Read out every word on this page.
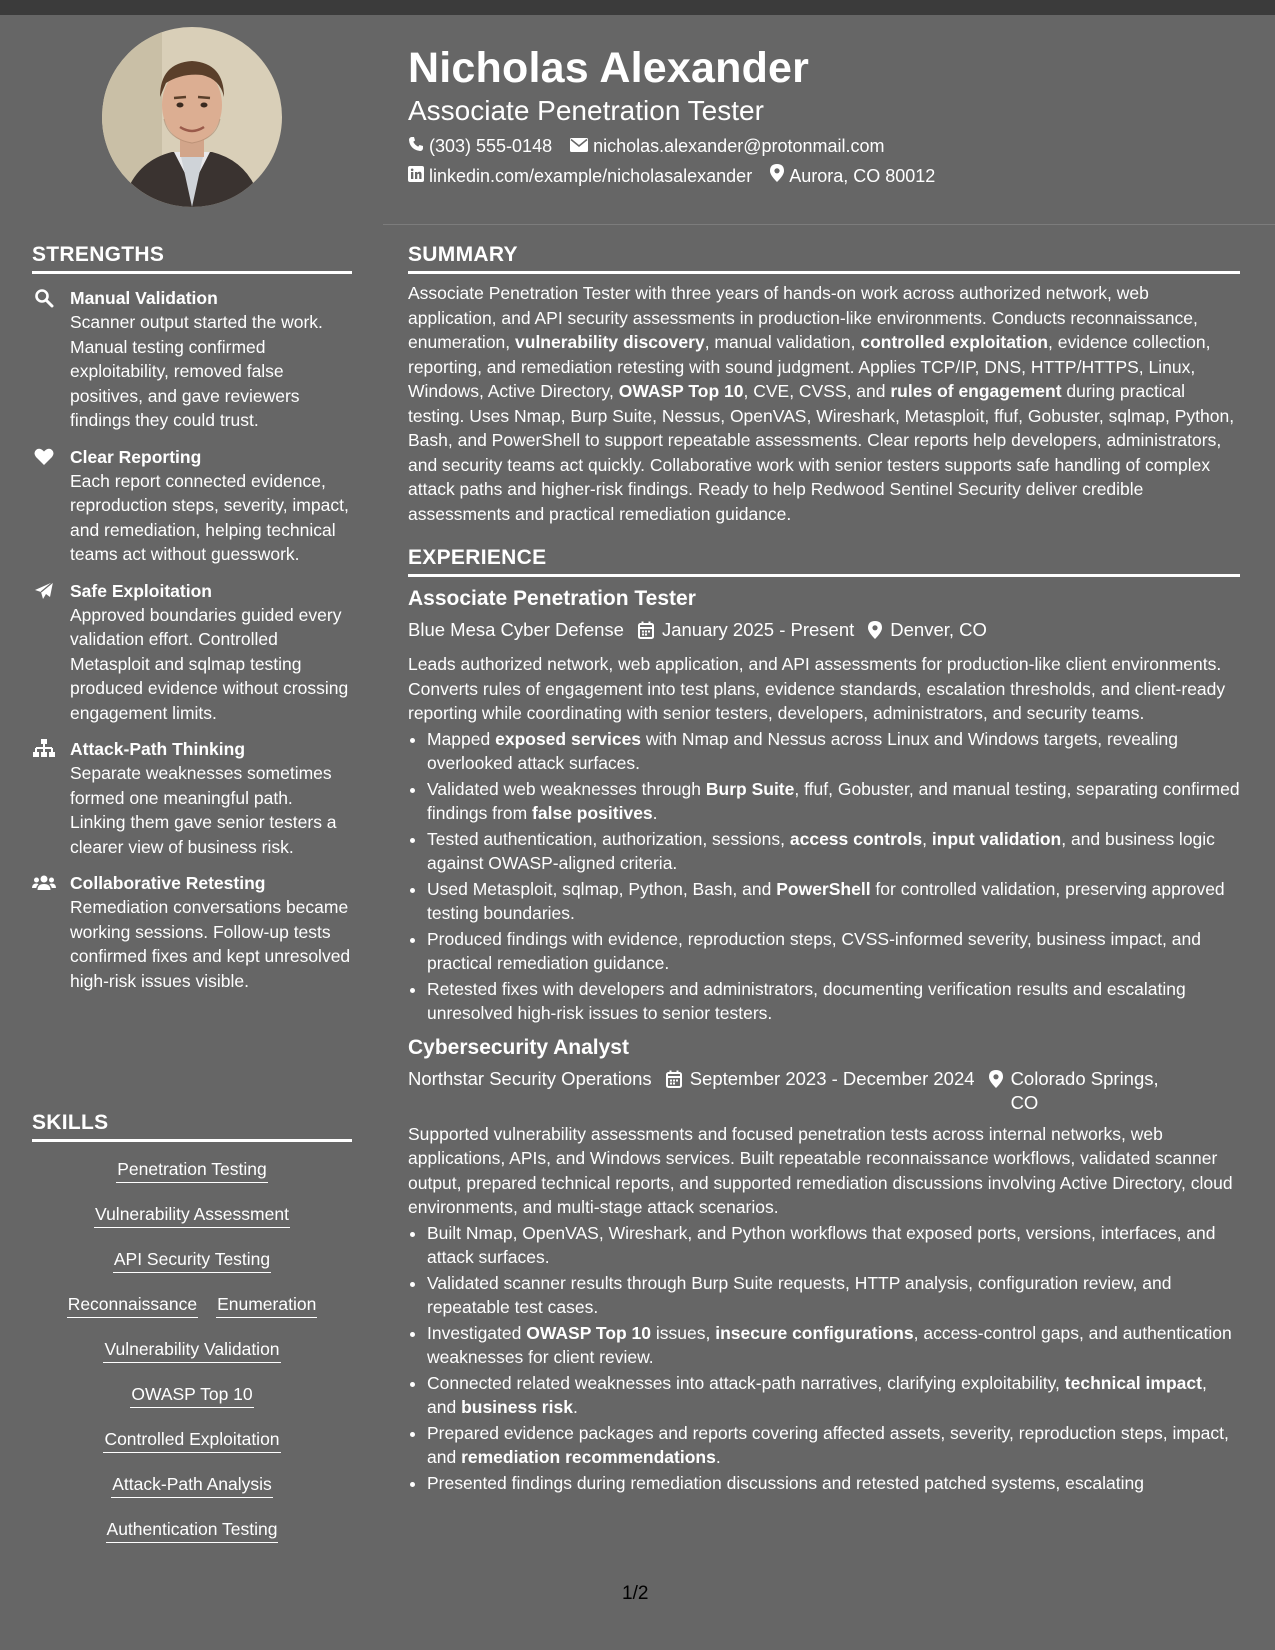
Nicholas Alexander
Associate Penetration Tester
(303) 555-0148 nicholas.alexander@protonmail.com
linkedin.com/example/nicholasalexander Aurora, CO 80012
STRENGTHS
Manual Validation
Scanner output started the work. Manual testing confirmed exploitability, removed false positives, and gave reviewers findings they could trust.
Clear Reporting
Each report connected evidence, reproduction steps, severity, impact, and remediation, helping technical teams act without guesswork.
Safe Exploitation
Approved boundaries guided every validation effort. Controlled Metasploit and sqlmap testing produced evidence without crossing engagement limits.
Attack-Path Thinking
Separate weaknesses sometimes formed one meaningful path. Linking them gave senior testers a clearer view of business risk.
Collaborative Retesting
Remediation conversations became working sessions. Follow-up tests confirmed fixes and kept unresolved high-risk issues visible.
SKILLS
Penetration Testing
Vulnerability Assessment
API Security Testing
Reconnaissance Enumeration
Vulnerability Validation
OWASP Top 10
Controlled Exploitation
Attack-Path Analysis
Authentication Testing
SUMMARY

Associate Penetration Tester with three years of hands-on work across authorized network, web application, and API security assessments in production-like environments. Conducts reconnaissance, enumeration, vulnerability discovery, manual validation, controlled exploitation, evidence collection, reporting, and remediation retesting with sound judgment. Applies TCP/IP, DNS, HTTP/HTTPS, Linux, Windows, Active Directory, OWASP Top 10, CVE, CVSS, and rules of engagement during practical testing. Uses Nmap, Burp Suite, Nessus, OpenVAS, Wireshark, Metasploit, ffuf, Gobuster, sqlmap, Python, Bash, and PowerShell to support repeatable assessments. Clear reports help developers, administrators, and security teams act quickly. Collaborative work with senior testers supports safe handling of complex attack paths and higher-risk findings. Ready to help Redwood Sentinel Security deliver credible assessments and practical remediation guidance.

EXPERIENCE
Associate Penetration Tester
Blue Mesa Cyber Defense January 2025 - Present Denver, CO

Leads authorized network, web application, and API assessments for production-like client environments. Converts rules of engagement into test plans, evidence standards, escalation thresholds, and client-ready reporting while coordinating with senior testers, developers, administrators, and security teams.

• Mapped exposed services with Nmap and Nessus across Linux and Windows targets, revealing overlooked attack surfaces.
• Validated web weaknesses through Burp Suite, ffuf, Gobuster, and manual testing, separating confirmed findings from false positives.
• Tested authentication, authorization, sessions, access controls, input validation, and business logic against OWASP-aligned criteria.
• Used Metasploit, sqlmap, Python, Bash, and PowerShell for controlled validation, preserving approved testing boundaries.
• Produced findings with evidence, reproduction steps, CVSS-informed severity, business impact, and practical remediation guidance.
• Retested fixes with developers and administrators, documenting verification results and escalating unresolved high-risk issues to senior testers.
Cybersecurity Analyst
Northstar Security Operations September 2023 - December 2024 Colorado Springs, CO

Supported vulnerability assessments and focused penetration tests across internal networks, web applications, APIs, and Windows services. Built repeatable reconnaissance workflows, validated scanner output, prepared technical reports, and supported remediation discussions involving Active Directory, cloud environments, and multi-stage attack scenarios.

• Built Nmap, OpenVAS, Wireshark, and Python workflows that exposed ports, versions, interfaces, and attack surfaces.
• Validated scanner results through Burp Suite requests, HTTP analysis, configuration review, and repeatable test cases.
• Investigated OWASP Top 10 issues, insecure configurations, access-control gaps, and authentication weaknesses for client review.
• Connected related weaknesses into attack-path narratives, clarifying exploitability, technical impact, and business risk.
• Prepared evidence packages and reports covering affected assets, severity, reproduction steps, impact, and remediation recommendations.
• Presented findings during remediation discussions and retested patched systems, escalating
1/2
